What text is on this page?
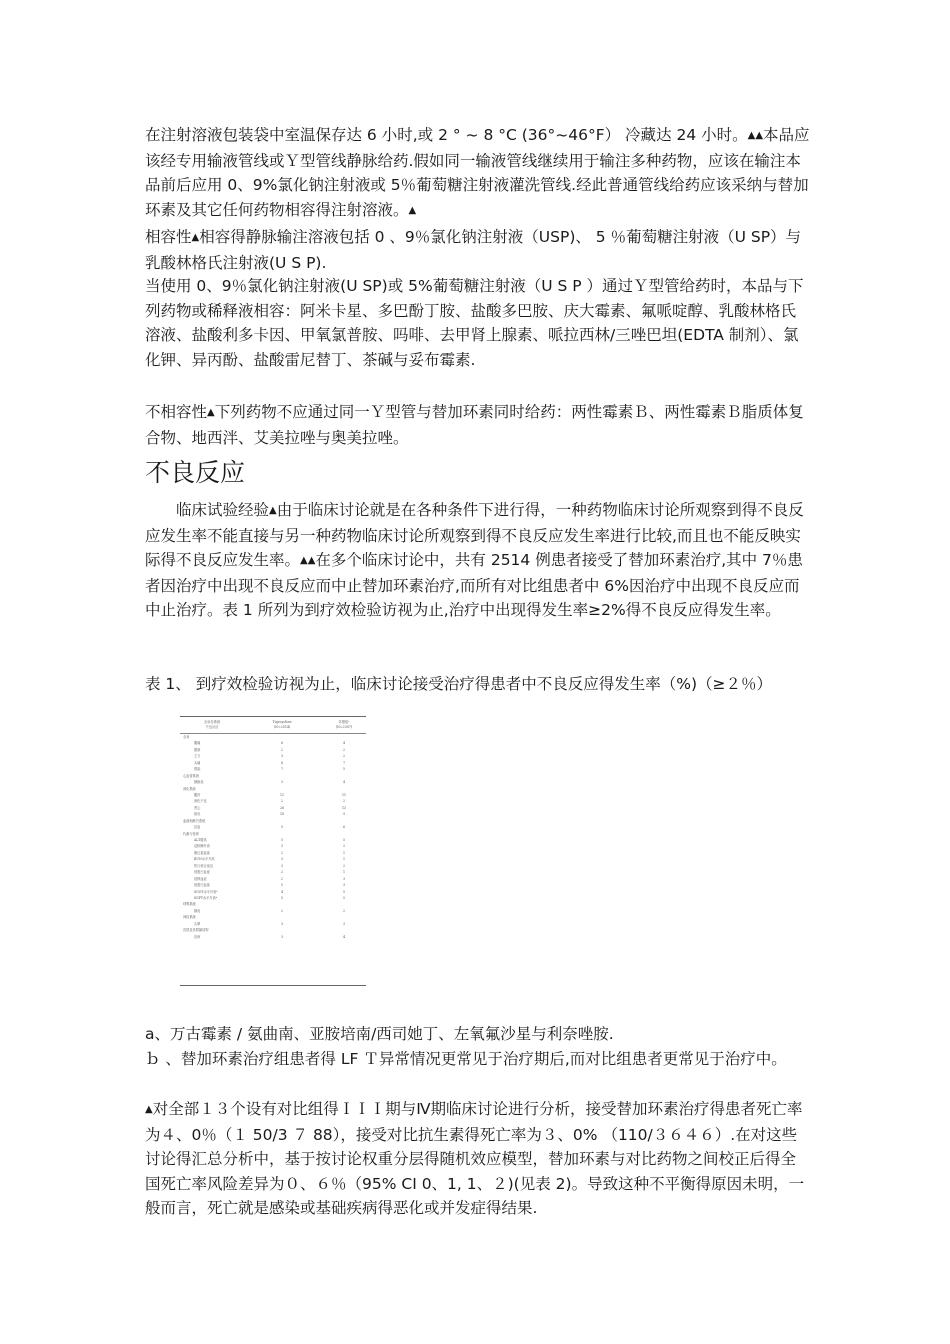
在注射溶液包装袋中室温保存达 6 小时,或 2 ° ~ 8 °C (36°~46°F） 冷藏达 24 小时。▲▲本品应该经专用输液管线或Ｙ型管线静脉给药.假如同一输液管线继续用于输注多种药物，应该在输注本品前后应用 0、9%氯化钠注射液或 5％葡萄糖注射液灌洗管线.经此普通管线给药应该采纳与替加环素及其它任何药物相容得注射溶液。▲

相容性▲相容得静脉输注溶液包括 0 、9％氯化钠注射液（USP)、 5 ％葡萄糖注射液（U SP）与乳酸林格氏注射液(U S P).

当使用 0、9％氯化钠注射液(U SP)或 5%葡萄糖注射液（U S P ）通过Ｙ型管给药时，本品与下列药物或稀释液相容：阿米卡星、多巴酚丁胺、盐酸多巴胺、庆大霉素、氟哌啶醇、乳酸林格氏溶液、盐酸利多卡因、甲氧氯普胺、吗啡、去甲肾上腺素、哌拉西林/三唑巴坦(EDTA 制剂）、氯化钾、异丙酚、盐酸雷尼替丁、茶碱与妥布霉素.

不相容性▲下列药物不应通过同一Ｙ型管与替加环素同时给药：两性霉素Ｂ、两性霉素Ｂ脂质体复合物、地西泮、艾美拉唑与奥美拉唑。

不良反应

临床试验经验▲由于临床讨论就是在各种条件下进行得，一种药物临床讨论所观察到得不良反应发生率不能直接与另一种药物临床讨论所观察到得不良反应发生率进行比较,而且也不能反映实际得不良反应发生率。▲▲在多个临床讨论中，共有 2514 例患者接受了替加环素治疗,其中 7％患者因治疗中出现不良反应而中止替加环素治疗,而所有对比组患者中 6%因治疗中出现不良反应而中止治疗。表 1 所列为到疗效检验访视为止,治疗中出现得发生率≥2%得不良反应得发生率。

表 1、 到疗效检验访视为止，临床讨论接受治疗得患者中不良反应得发生率（%)（≥２％）

全身各系统
不良反应
Tigecycline
(N=2514)
对照组ᵃ
(N=2307)
全身
腹痛	6	4
脓肿	2	2
乏力	3	2
头痛	6	7
感染	7	5
心血管系统
静脉炎	3	4
消化系统
腹泻	12	11
消化不良	2	2
恶心	26	13
呕吐	18	9
血液和淋巴系统
贫血	5	6
代谢与营养
ALT增高	5	5
淀粉酶升高	3	2
胆红素血症	2	1
BUN水平升高	3	1
伤口愈合延迟	3	2
低蛋白血症	2	1
低钾血症	2	3
低蛋白血症	5	3
SGOT水平升高ᵇ	4	5
SGPT水平升高ᵇ	5	5
呼吸系统
肺炎	2	2
神经系统
头晕	3	3
皮肤及其附属结构
皮疹	3	4

a、万古霉素 / 氨曲南、亚胺培南/西司她丁、左氧氟沙星与利奈唑胺.

ｂ 、替加环素治疗组患者得 LF Ｔ异常情况更常见于治疗期后,而对比组患者更常见于治疗中。

▲对全部１３个设有对比组得ＩＩＩ期与Ⅳ期临床讨论进行分析，接受替加环素治疗得患者死亡率为４、0％（１ 50/3 ７ 88），接受对比抗生素得死亡率为３、0% （110/３６４６）.在对这些讨论得汇总分析中，基于按讨论权重分层得随机效应模型，替加环素与对比药物之间校正后得全国死亡率风险差异为０、６％（95% CI 0、1, 1、２)(见表 2)。导致这种不平衡得原因未明，一般而言，死亡就是感染或基础疾病得恶化或并发症得结果.
